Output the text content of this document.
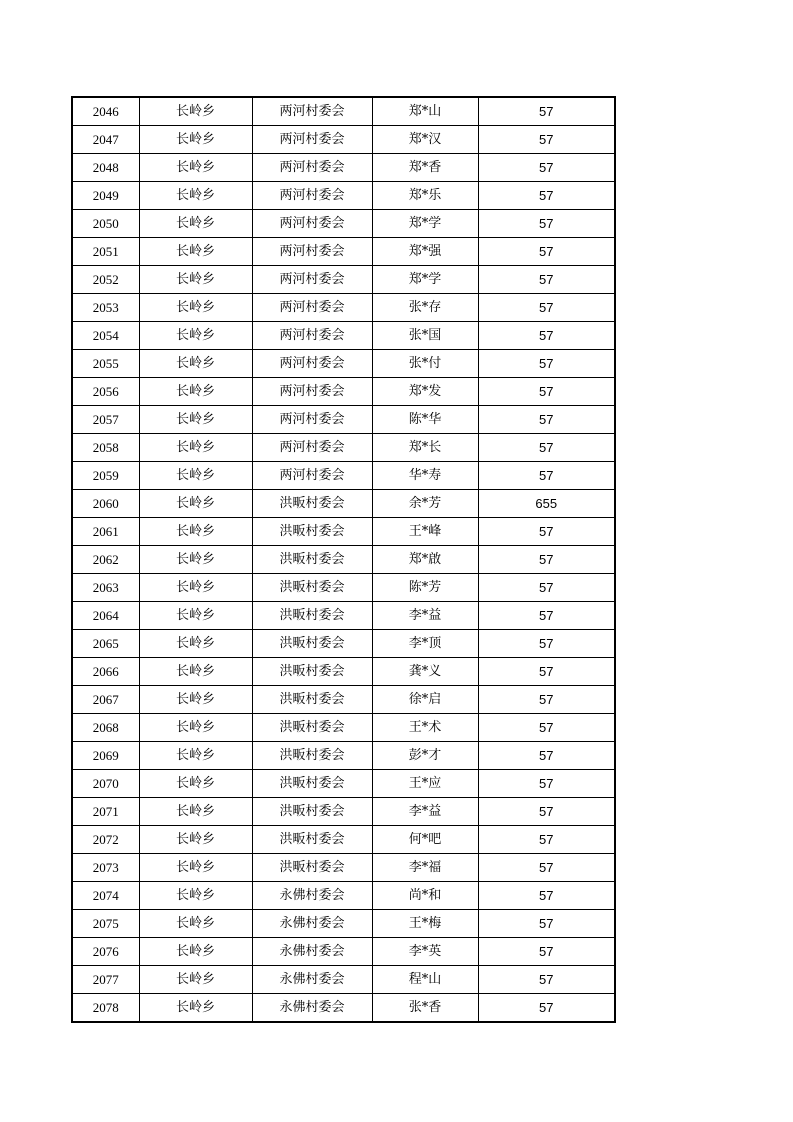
2046	长岭乡	两河村委会	郑*山	57
2047	长岭乡	两河村委会	郑*汉	57
2048	长岭乡	两河村委会	郑*香	57
2049	长岭乡	两河村委会	郑*乐	57
2050	长岭乡	两河村委会	郑*学	57
2051	长岭乡	两河村委会	郑*强	57
2052	长岭乡	两河村委会	郑*学	57
2053	长岭乡	两河村委会	张*存	57
2054	长岭乡	两河村委会	张*国	57
2055	长岭乡	两河村委会	张*付	57
2056	长岭乡	两河村委会	郑*发	57
2057	长岭乡	两河村委会	陈*华	57
2058	长岭乡	两河村委会	郑*长	57
2059	长岭乡	两河村委会	华*寿	57
2060	长岭乡	洪畈村委会	余*芳	655
2061	长岭乡	洪畈村委会	王*峰	57
2062	长岭乡	洪畈村委会	郑*啟	57
2063	长岭乡	洪畈村委会	陈*芳	57
2064	长岭乡	洪畈村委会	李*益	57
2065	长岭乡	洪畈村委会	李*顶	57
2066	长岭乡	洪畈村委会	龚*义	57
2067	长岭乡	洪畈村委会	徐*启	57
2068	长岭乡	洪畈村委会	王*术	57
2069	长岭乡	洪畈村委会	彭*才	57
2070	长岭乡	洪畈村委会	王*应	57
2071	长岭乡	洪畈村委会	李*益	57
2072	长岭乡	洪畈村委会	何*吧	57
2073	长岭乡	洪畈村委会	李*福	57
2074	长岭乡	永佛村委会	尚*和	57
2075	长岭乡	永佛村委会	王*梅	57
2076	长岭乡	永佛村委会	李*英	57
2077	长岭乡	永佛村委会	程*山	57
2078	长岭乡	永佛村委会	张*香	57
